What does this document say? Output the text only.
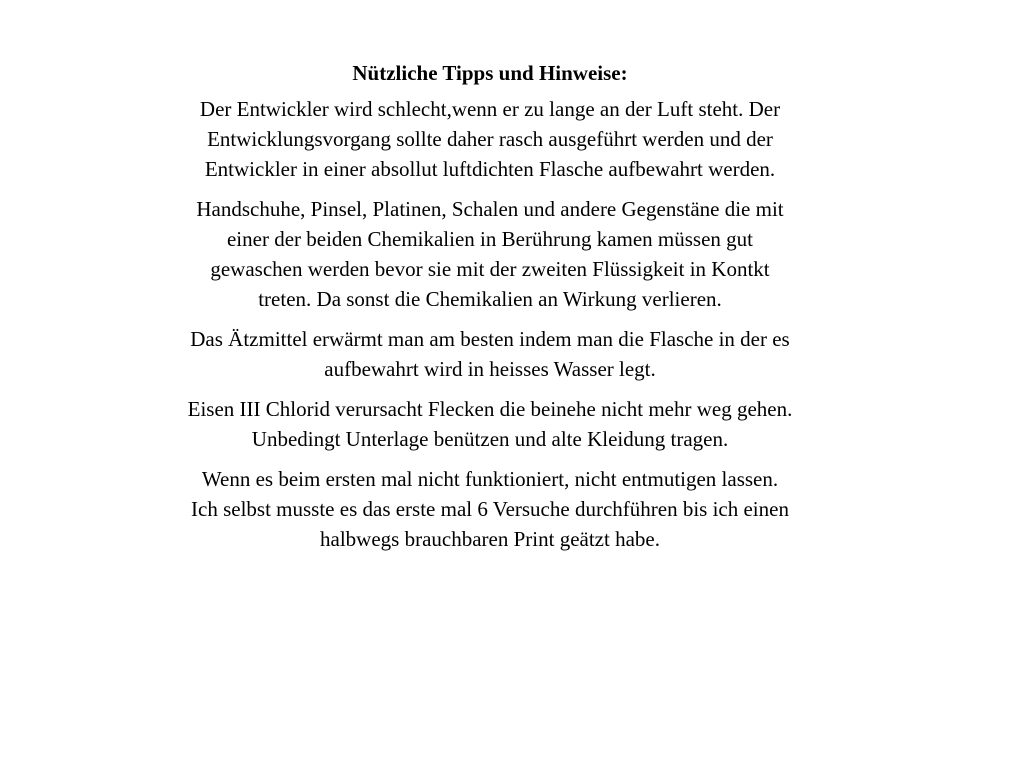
Nützliche Tipps und Hinweise:
Der Entwickler wird schlecht,wenn er zu lange an der Luft steht. Der
Entwicklungsvorgang sollte daher rasch ausgeführt werden und der
Entwickler in einer absollut luftdichten Flasche aufbewahrt werden.
Handschuhe, Pinsel, Platinen, Schalen und andere Gegenstäne die mit
einer der beiden Chemikalien in Berührung kamen müssen gut
gewaschen werden bevor sie mit der zweiten Flüssigkeit in Kontkt
treten. Da sonst die Chemikalien an Wirkung verlieren.
Das Ätzmittel erwärmt man am besten indem man die Flasche in der es
aufbewahrt wird in heisses Wasser legt.
Eisen III Chlorid verursacht Flecken die beinehe nicht mehr weg gehen.
Unbedingt Unterlage benützen und alte Kleidung tragen.
Wenn es beim ersten mal nicht funktioniert, nicht entmutigen lassen.
Ich selbst musste es das erste mal 6 Versuche durchführen bis ich einen
halbwegs brauchbaren Print geätzt habe.
